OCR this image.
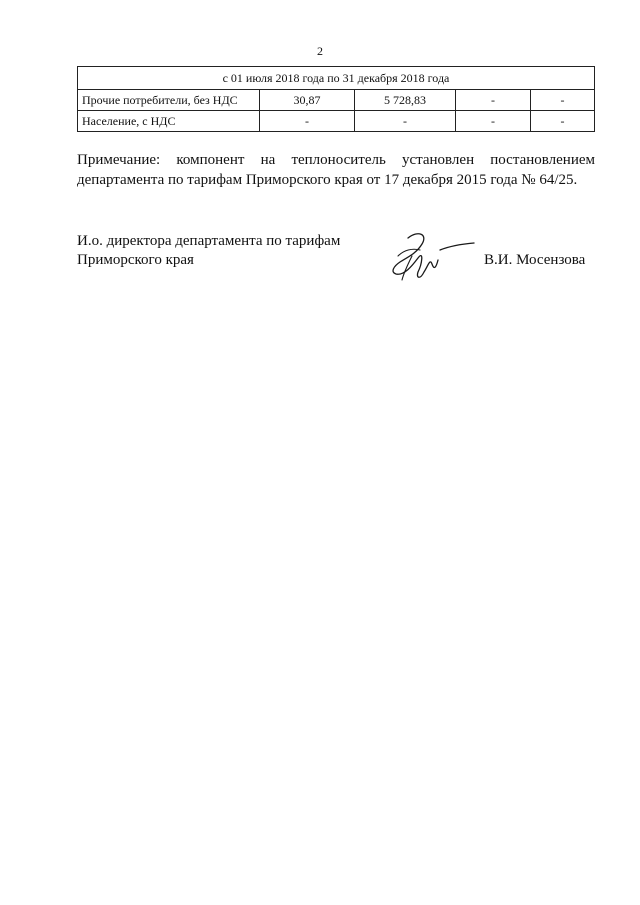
2
с 01 июля 2018 года по 31 декабря 2018 года				
Прочие потребители, без НДС	30,87	5 728,83	-	-
Население, с НДС	-	-	-	-
Примечание: компонент на теплоноситель установлен постановлением
департамента по тарифам Приморского края от 17 декабря 2015 года № 64/25.
И.о. директора департамента по тарифам
Приморского края	В.И. Мосензова
